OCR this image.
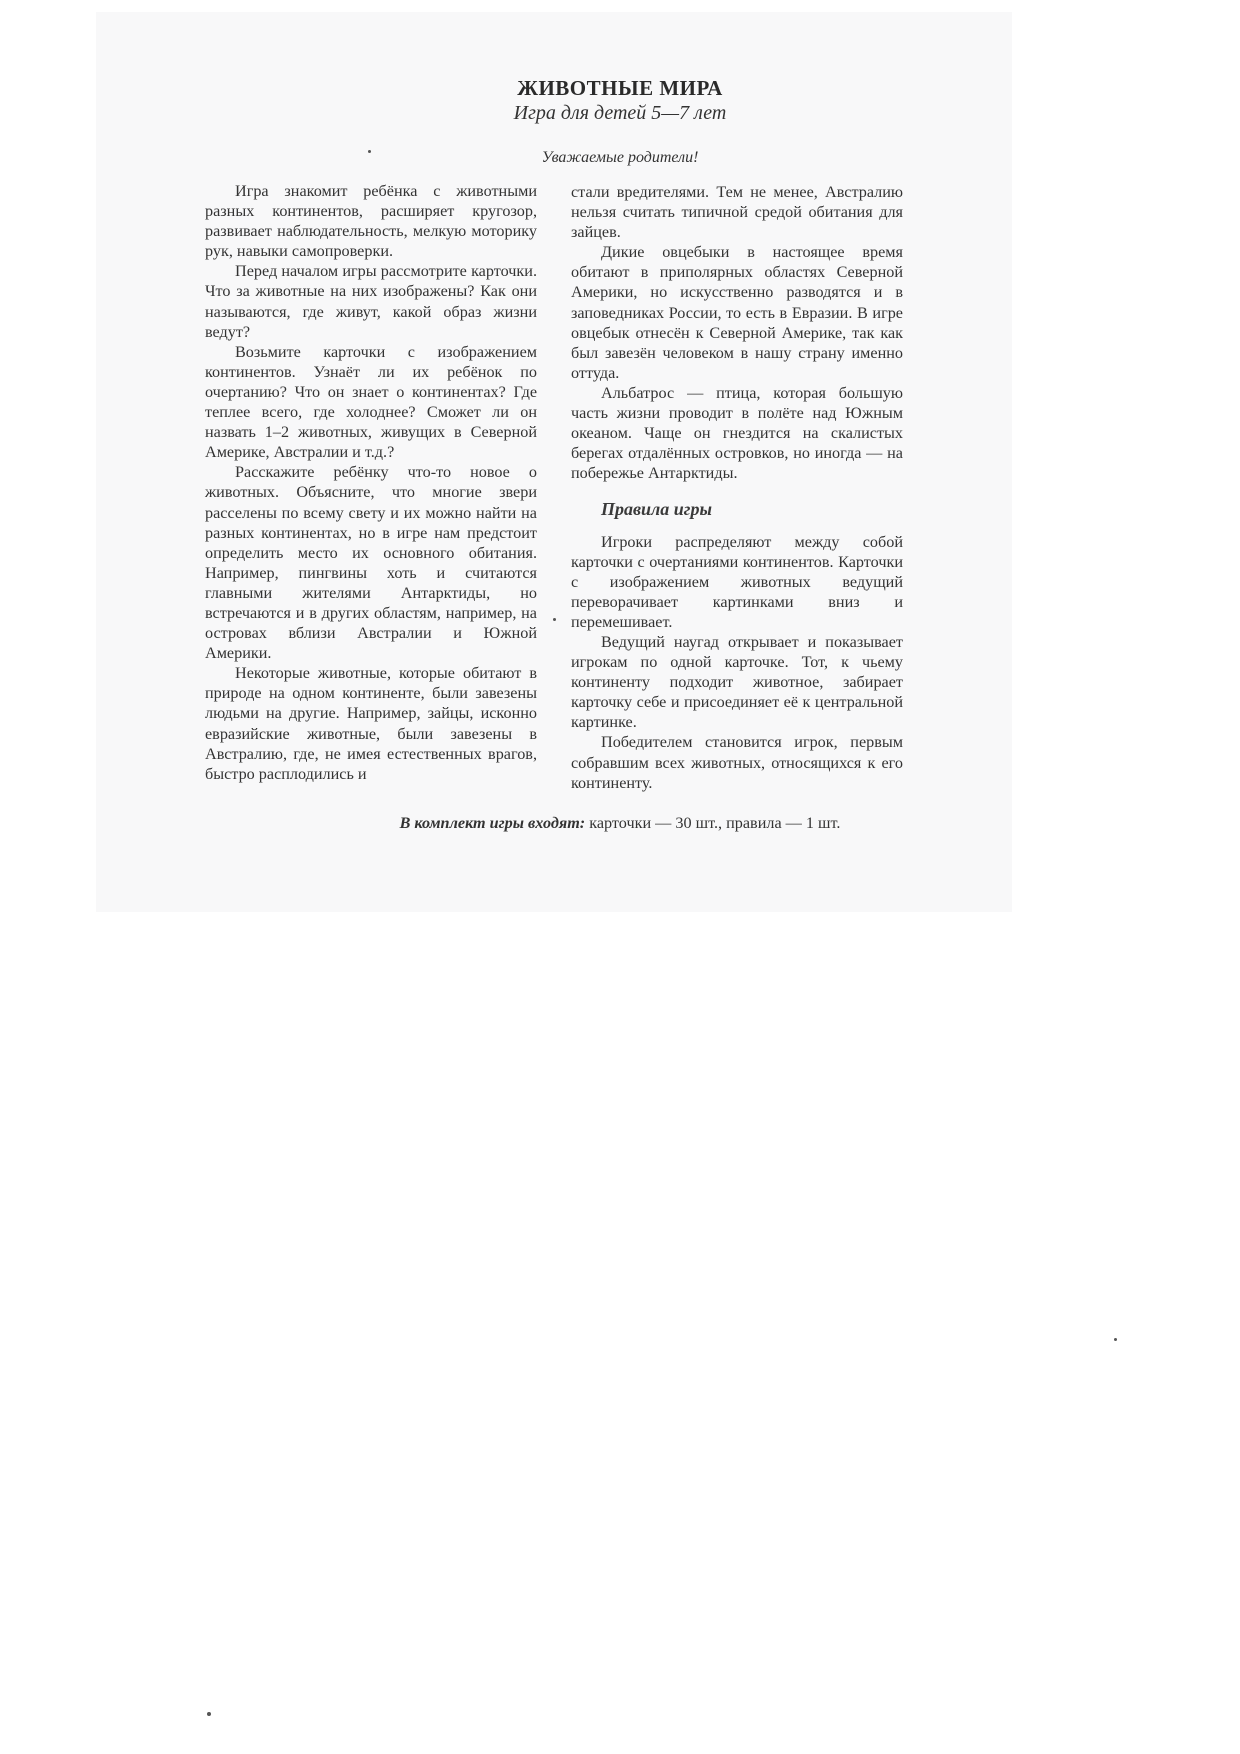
ЖИВОТНЫЕ МИРА
Игра для детей 5—7 лет
Уважаемые родители!

Игра знакомит ребёнка с животными разных континентов, расширяет кругозор, развивает наблюдательность, мелкую моторику рук, навыки самопроверки.

Перед началом игры рассмотрите карточки. Что за животные на них изображены? Как они называются, где живут, какой образ жизни ведут?

Возьмите карточки с изображением континентов. Узнаёт ли их ребёнок по очертанию? Что он знает о континентах? Где теплее всего, где холоднее? Сможет ли он назвать 1–2 животных, живущих в Северной Америке, Австралии и т.д.?

Расскажите ребёнку что-то новое о животных. Объясните, что многие звери расселены по всему свету и их можно найти на разных континентах, но в игре нам предстоит определить место их основного обитания. Например, пингвины хоть и считаются главными жителями Антарктиды, но встречаются и в других областям, например, на островах вблизи Австралии и Южной Америки.

Некоторые животные, которые обитают в природе на одном континенте, были завезены людьми на другие. Например, зайцы, исконно евразийские животные, были завезены в Австралию, где, не имея естественных врагов, быстро расплодились и

стали вредителями. Тем не менее, Австралию нельзя считать типичной средой обитания для зайцев.

Дикие овцебыки в настоящее время обитают в приполярных областях Северной Америки, но искусственно разводятся и в заповедниках России, то есть в Евразии. В игре овцебык отнесён к Северной Америке, так как был завезён человеком в нашу страну именно оттуда.

Альбатрос — птица, которая большую часть жизни проводит в полёте над Южным океаном. Чаще он гнездится на скалистых берегах отдалённых островков, но иногда — на побережье Антарктиды.

Правила игры

Игроки распределяют между собой карточки с очертаниями континентов. Карточки с изображением животных ведущий переворачивает картинками вниз и перемешивает.

Ведущий наугад открывает и показывает игрокам по одной карточке. Тот, к чьему континенту подходит животное, забирает карточку себе и присоединяет её к центральной картинке.

Победителем становится игрок, первым собравшим всех животных, относящихся к его континенту.

В комплект игры входят: карточки — 30 шт., правила — 1 шт.
